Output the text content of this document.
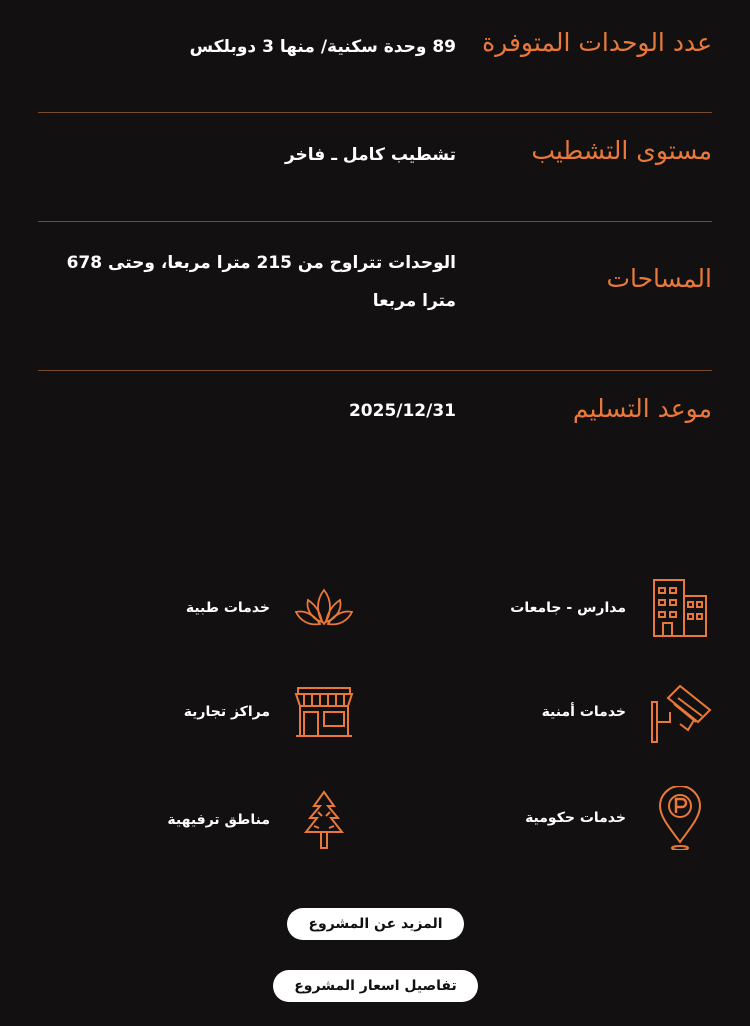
عدد الوحدات المتوفرة
89 وحدة سكنية/ منها 3 دوبلكس
مستوى التشطيب
تشطيب كامل ـ فاخر
المساحات
الوحدات تتراوح من 215 مترا مربعا، وحتى 678 مترا مربعا
موعد التسليم
2025/12/31
مدارس - جامعات
خدمات أمنية
خدمات حكومية
خدمات طبية
مراكز تجارية
مناطق ترفيهية
المزيد عن المشروع
تفاصيل اسعار المشروع
